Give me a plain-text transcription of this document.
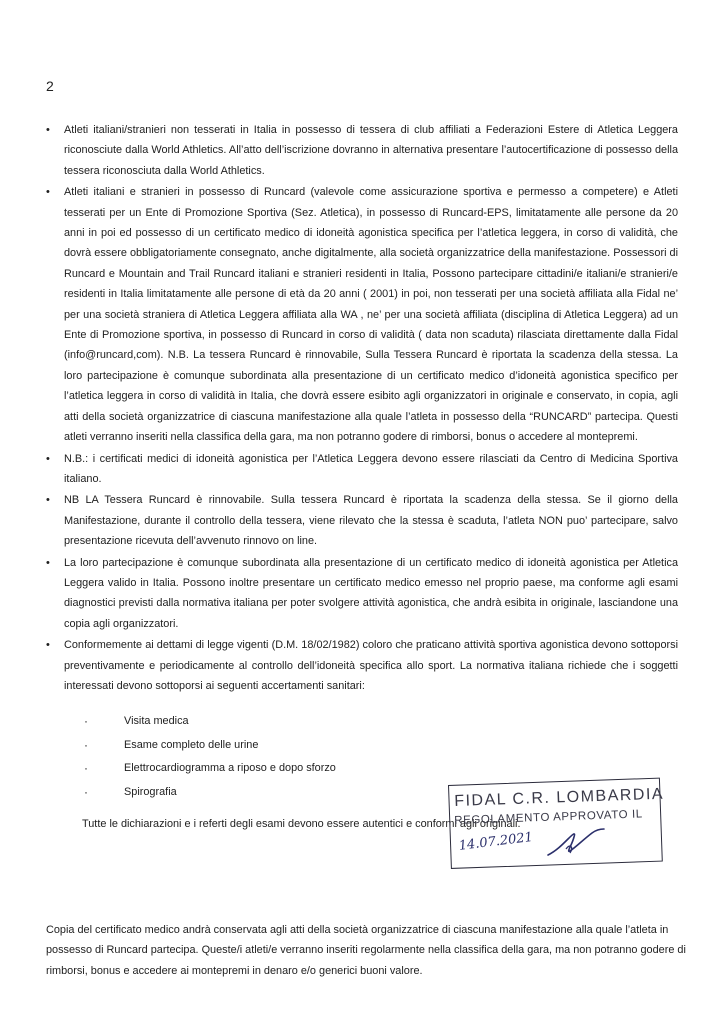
2
• Atleti italiani/stranieri non tesserati in Italia in possesso di tessera di club affiliati a Federazioni Estere di Atletica Leggera riconosciute dalla World Athletics. All’atto dell’iscrizione dovranno in alternativa presentare l’autocertificazione di possesso della tessera riconosciuta dalla World Athletics.
• Atleti italiani e stranieri in possesso di Runcard (valevole come assicurazione sportiva e permesso a competere) e Atleti tesserati per un Ente di Promozione Sportiva (Sez. Atletica), in possesso di Runcard-EPS, limitatamente alle persone da 20 anni in poi ed possesso di un certificato medico di idoneità agonistica specifica per l’atletica leggera, in corso di validità, che dovrà essere obbligatoriamente consegnato, anche digitalmente, alla società organizzatrice della manifestazione. Possessori di Runcard e Mountain and Trail Runcard italiani e stranieri residenti in Italia, Possono partecipare cittadini/e italiani/e stranieri/e residenti in Italia limitatamente alle persone di età da 20 anni ( 2001) in poi, non tesserati per una società affiliata alla Fidal ne’ per una società straniera di Atletica Leggera affiliata alla WA , ne’ per una società affiliata (disciplina di Atletica Leggera) ad un Ente di Promozione sportiva, in possesso di Runcard in corso di validità ( data non scaduta) rilasciata direttamente dalla Fidal (info@runcard,com). N.B. La tessera Runcard è rinnovabile, Sulla Tessera Runcard è riportata la scadenza della stessa. La loro partecipazione è comunque subordinata alla presentazione di un certificato medico d’idoneità agonistica specifico per l’atletica leggera in corso di validità in Italia, che dovrà essere esibito agli organizzatori in originale e conservato, in copia, agli atti della società organizzatrice di ciascuna manifestazione alla quale l’atleta in possesso della “RUNCARD” partecipa. Questi atleti verranno inseriti nella classifica della gara, ma non potranno godere di rimborsi, bonus o accedere al montepremi.
• N.B.: i certificati medici di idoneità agonistica per l’Atletica Leggera devono essere rilasciati da Centro di Medicina Sportiva italiano.
• NB LA Tessera Runcard è rinnovabile. Sulla tessera Runcard è riportata la scadenza della stessa. Se il giorno della Manifestazione, durante il controllo della tessera, viene rilevato che la stessa è scaduta, l’atleta NON puo’ partecipare, salvo presentazione ricevuta dell’avvenuto rinnovo on line.
• La loro partecipazione è comunque subordinata alla presentazione di un certificato medico di idoneità agonistica per Atletica Leggera valido in Italia. Possono inoltre presentare un certificato medico emesso nel proprio paese, ma conforme agli esami diagnostici previsti dalla normativa italiana per poter svolgere attività agonistica, che andrà esibita in originale, lasciandone una copia agli organizzatori.
• Conformemente ai dettami di legge vigenti (D.M. 18/02/1982) coloro che praticano attività sportiva agonistica devono sottoporsi preventivamente e periodicamente al controllo dell’idoneità specifica allo sport. La normativa italiana richiede che i soggetti interessati devono sottoporsi ai seguenti accertamenti sanitari:
· Visita medica
· Esame completo delle urine
· Elettrocardiogramma a riposo e dopo sforzo
· Spirografia
Tutte le dichiarazioni e i referti degli esami devono essere autentici e conformi agli originali.
FIDAL C.R. LOMBARDIA
REGOLAMENTO APPROVATO IL
14.07.2021
Copia del certificato medico andrà conservata agli atti della società organizzatrice di ciascuna manifestazione alla quale l’atleta in possesso di Runcard partecipa. Queste/i atleti/e verranno inseriti regolarmente nella classifica della gara, ma non potranno godere di rimborsi, bonus e accedere ai montepremi in denaro e/o generici buoni valore.
